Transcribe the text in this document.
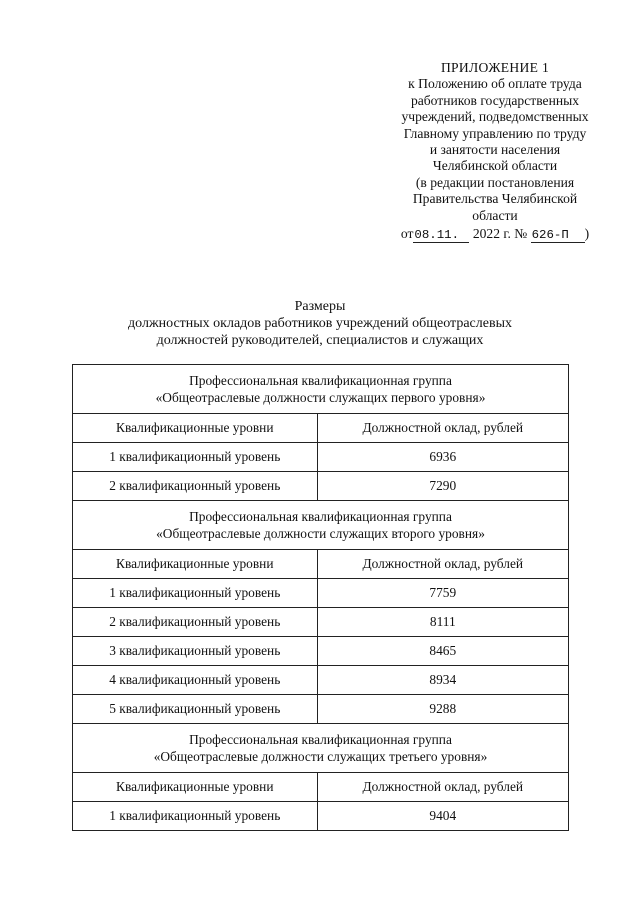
ПРИЛОЖЕНИЕ 1
к Положению об оплате труда
работников государственных
учреждений, подведомственных
Главному управлению по труду
и занятости населения
Челябинской области
(в редакции постановления
Правительства Челябинской
области
от08.11. 2022 г. № 626-П )
Размеры
должностных окладов работников учреждений общеотраслевых
должностей руководителей, специалистов и служащих
Профессиональная квалификационная группа
«Общеотраслевые должности служащих первого уровня»	

Квалификационные уровни	Должностной оклад, рублей
1 квалификационный уровень	6936
2 квалификационный уровень	7290

Профессиональная квалификационная группа
«Общеотраслевые должности служащих второго уровня»	

Квалификационные уровни	Должностной оклад, рублей
1 квалификационный уровень	7759
2 квалификационный уровень	8111
3 квалификационный уровень	8465
4 квалификационный уровень	8934
5 квалификационный уровень	9288

Профессиональная квалификационная группа
«Общеотраслевые должности служащих третьего уровня»	

Квалификационные уровни	Должностной оклад, рублей
1 квалификационный уровень	9404
